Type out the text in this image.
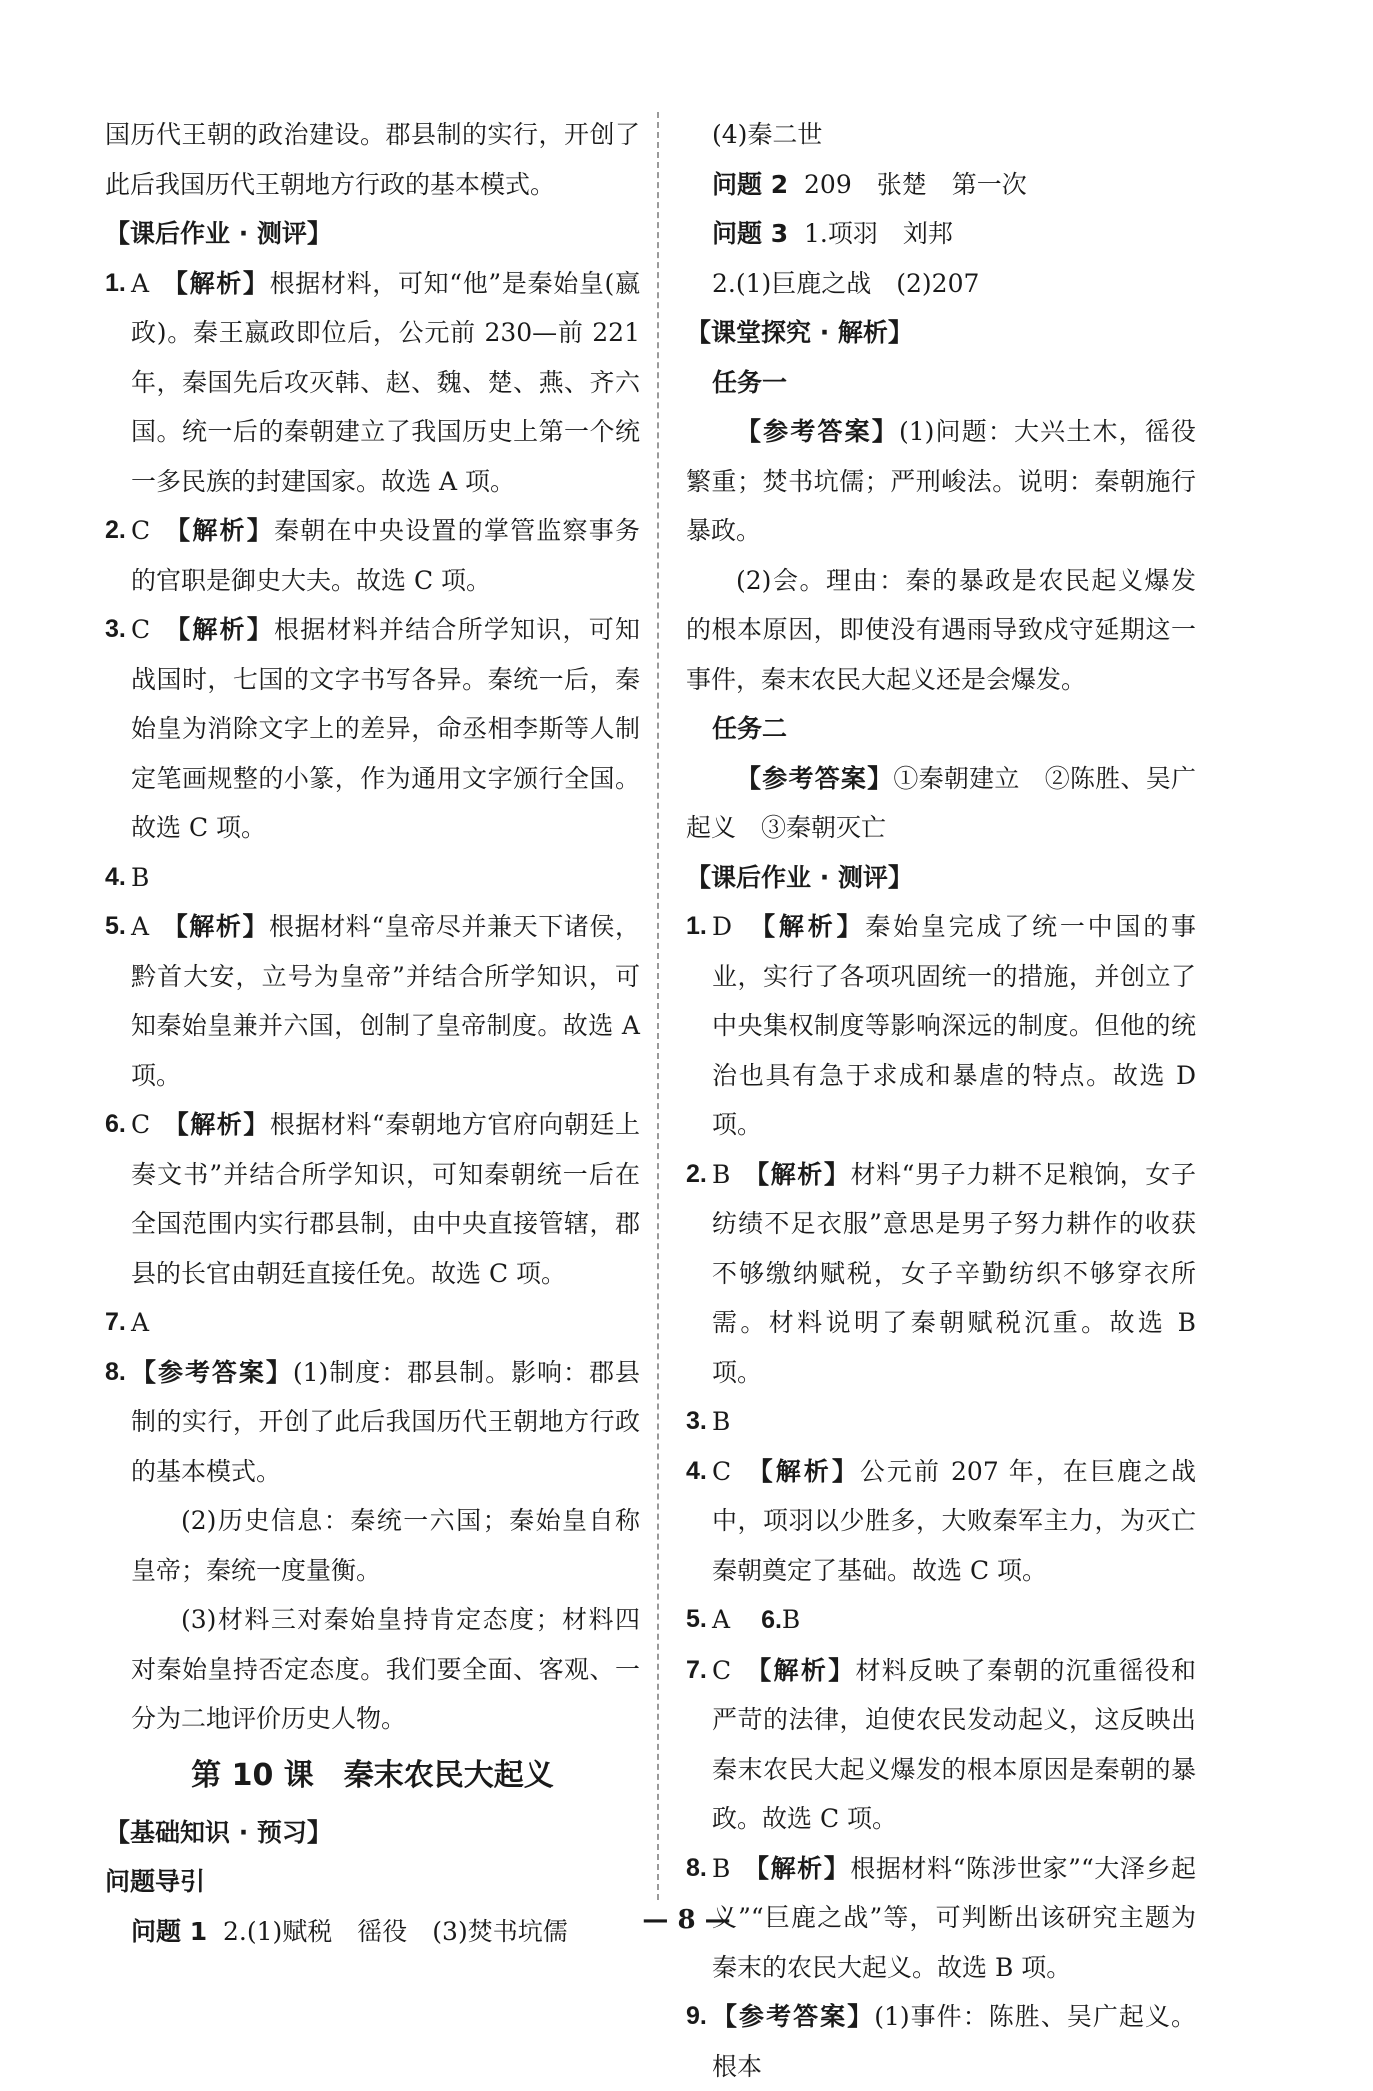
国历代王朝的政治建设。郡县制的实行，开创了此后我国历代王朝地方行政的基本模式。

【课后作业 · 测评】
1. A　【解析】根据材料，可知“他”是秦始皇(嬴政)。秦王嬴政即位后，公元前 230—前 221 年，秦国先后攻灭韩、赵、魏、楚、燕、齐六国。统一后的秦朝建立了我国历史上第一个统一多民族的封建国家。故选 A 项。
2. C　【解析】秦朝在中央设置的掌管监察事务的官职是御史大夫。故选 C 项。
3. C　【解析】根据材料并结合所学知识，可知战国时，七国的文字书写各异。秦统一后，秦始皇为消除文字上的差异，命丞相李斯等人制定笔画规整的小篆，作为通用文字颁行全国。故选 C 项。
4. B
5. A　【解析】根据材料“皇帝尽并兼天下诸侯，黔首大安，立号为皇帝”并结合所学知识，可知秦始皇兼并六国，创制了皇帝制度。故选 A 项。
6. C　【解析】根据材料“秦朝地方官府向朝廷上奏文书”并结合所学知识，可知秦朝统一后在全国范围内实行郡县制，由中央直接管辖，郡县的长官由朝廷直接任免。故选 C 项。
7. A
8. 【参考答案】(1)制度：郡县制。影响：郡县制的实行，开创了此后我国历代王朝地方行政的基本模式。
(2)历史信息：秦统一六国；秦始皇自称皇帝；秦统一度量衡。
(3)材料三对秦始皇持肯定态度；材料四对秦始皇持否定态度。我们要全面、客观、一分为二地评价历史人物。
第 10 课　秦末农民大起义
【基础知识 · 预习】
问题导引
问题 1 2.(1)赋税　徭役　(3)焚书坑儒
(4)秦二世
问题 2 209　张楚　第一次
问题 3 1.项羽　刘邦
2.(1)巨鹿之战　(2)207
【课堂探究 · 解析】
任务一

【参考答案】(1)问题：大兴土木，徭役繁重；焚书坑儒；严刑峻法。说明：秦朝施行暴政。

(2)会。理由：秦的暴政是农民起义爆发的根本原因，即使没有遇雨导致戍守延期这一事件，秦末农民大起义还是会爆发。

任务二

【参考答案】①秦朝建立　②陈胜、吴广起义　③秦朝灭亡

【课后作业 · 测评】
1. D　【解析】秦始皇完成了统一中国的事业，实行了各项巩固统一的措施，并创立了中央集权制度等影响深远的制度。但他的统治也具有急于求成和暴虐的特点。故选 D 项。
2. B　【解析】材料“男子力耕不足粮饷，女子纺绩不足衣服”意思是男子努力耕作的收获不够缴纳赋税，女子辛勤纺织不够穿衣所需。材料说明了秦朝赋税沉重。故选 B 项。
3. B
4. C　【解析】公元前 207 年，在巨鹿之战中，项羽以少胜多，大败秦军主力，为灭亡秦朝奠定了基础。故选 C 项。
5. A　6.B
7. C　【解析】材料反映了秦朝的沉重徭役和严苛的法律，迫使农民发动起义，这反映出秦末农民大起义爆发的根本原因是秦朝的暴政。故选 C 项。
8. B　【解析】根据材料“陈涉世家”“大泽乡起义”“巨鹿之战”等，可判断出该研究主题为秦末的农民大起义。故选 B 项。
9. 【参考答案】(1)事件：陈胜、吴广起义。根本
— 8 —
